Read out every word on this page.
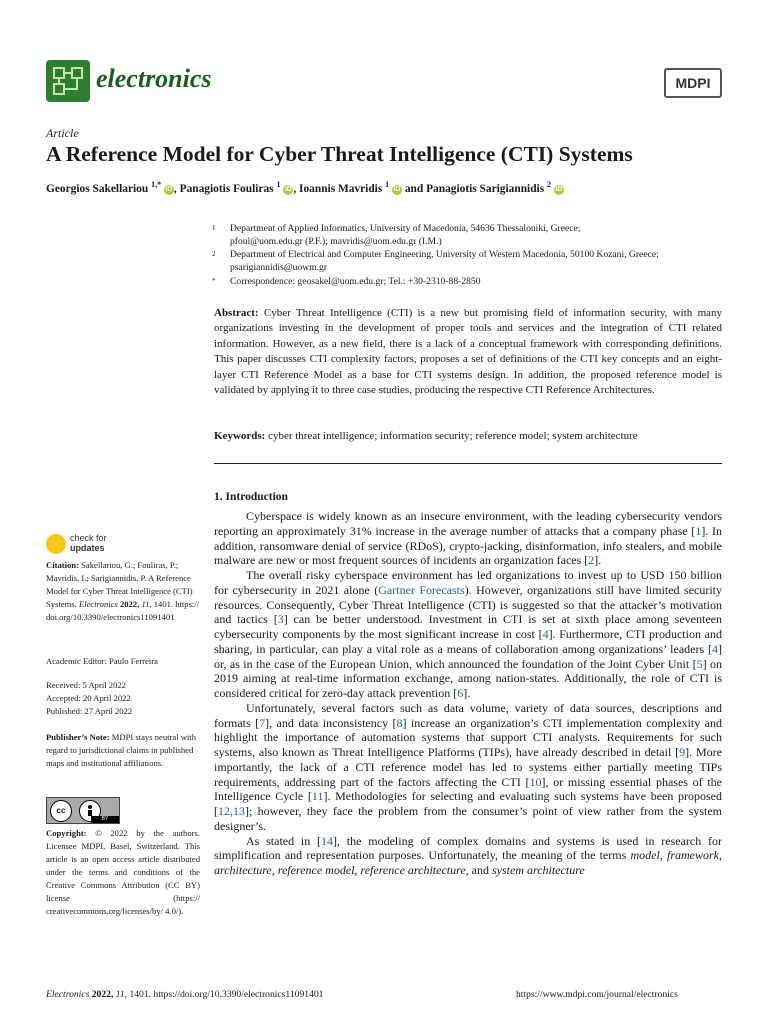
electronics	MDPI
Article
A Reference Model for Cyber Threat Intelligence (CTI) Systems
Georgios Sakellariou $^{1,*}$ iD , Panagiotis Fouliras $^1$ iD , Ioannis Mavridis $^1$ iD and Panagiotis Sarigiannidis $^2$ iD
1 Department of Applied Informatics, University of Macedonia, 54636 Thessaloniki, Greece;
pfoul@uom.edu.gr (P.F.); mavridis@uom.edu.gr (I.M.)
2 Department of Electrical and Computer Engineering, University of Western Macedonia, 50100 Kozani, Greece;
psarigiannidis@uowm.gr
* Correspondence: geosakel@uom.edu.gr; Tel.: +30-2310-88-2850
Abstract: Cyber Threat Intelligence (CTI) is a new but promising field of information security, with many organizations investing in the development of proper tools and services and the integration of CTI related information. However, as a new field, there is a lack of a conceptual framework with corresponding definitions. This paper discusses CTI complexity factors, proposes a set of definitions of the CTI key concepts and an eight-layer CTI Reference Model as a base for CTI systems design. In addition, the proposed reference model is validated by applying it to three case studies, producing the respective CTI Reference Architectures.
Keywords: cyber threat intelligence; information security; reference model; system architecture
check for
updates
Citation: Sakellariou, G.; Fouliras, P.; Mavridis, I.; Sarigiannidis, P. A Reference Model for Cyber Threat Intelligence (CTI) Systems. Electronics 2022, 11, 1401. https://doi.org/10.3390/electronics11091401
Academic Editor: Paulo Ferreira
Received: 5 April 2022
Accepted: 20 April 2022
Published: 27 April 2022
Publisher’s Note: MDPI stays neutral with regard to jurisdictional claims in published maps and institutional affiliations.
cc
BY
Copyright: © 2022 by the authors. Licensee MDPI, Basel, Switzerland. This article is an open access article distributed under the terms and conditions of the Creative Commons Attribution (CC BY) license (https:// creativecommons.org/licenses/by/ 4.0/).
1. Introduction

Cyberspace is widely known as an insecure environment, with the leading cybersecurity vendors reporting an approximately 31% increase in the average number of attacks that a company phase [1]. In addition, ransomware denial of service (RDoS), crypto-jacking, disinformation, info stealers, and mobile malware are new or most frequent sources of incidents an organization faces [2].

The overall risky cyberspace environment has led organizations to invest up to USD 150 billion for cybersecurity in 2021 alone (Gartner Forecasts). However, organizations still have limited security resources. Consequently, Cyber Threat Intelligence (CTI) is suggested so that the attacker’s motivation and tactics [3] can be better understood. Investment in CTI is set at sixth place among seventeen cybersecurity components by the most significant increase in cost [4]. Furthermore, CTI production and sharing, in particular, can play a vital role as a means of collaboration among organizations’ leaders [4] or, as in the case of the European Union, which announced the foundation of the Joint Cyber Unit [5] on 2019 aiming at real-time information exchange, among nation-states. Additionally, the role of CTI is considered critical for zero-day attack prevention [6].

Unfortunately, several factors such as data volume, variety of data sources, descriptions and formats [7], and data inconsistency [8] increase an organization’s CTI implementation complexity and highlight the importance of automation systems that support CTI analysts. Requirements for such systems, also known as Threat Intelligence Platforms (TIPs), have already described in detail [9]. More importantly, the lack of a CTI reference model has led to systems either partially meeting TIPs requirements, addressing part of the factors affecting the CTI [10], or missing essential phases of the Intelligence Cycle [11]. Methodologies for selecting and evaluating such systems have been proposed [12,13]; however, they face the problem from the consumer’s point of view rather from the system designer’s.

As stated in [14], the modeling of complex domains and systems is used in research for simplification and representation purposes. Unfortunately, the meaning of the terms model, framework, architecture, reference model, reference architecture, and system architecture

Electronics 2022, 11, 1401. https://doi.org/10.3390/electronics11091401	https://www.mdpi.com/journal/electronics
